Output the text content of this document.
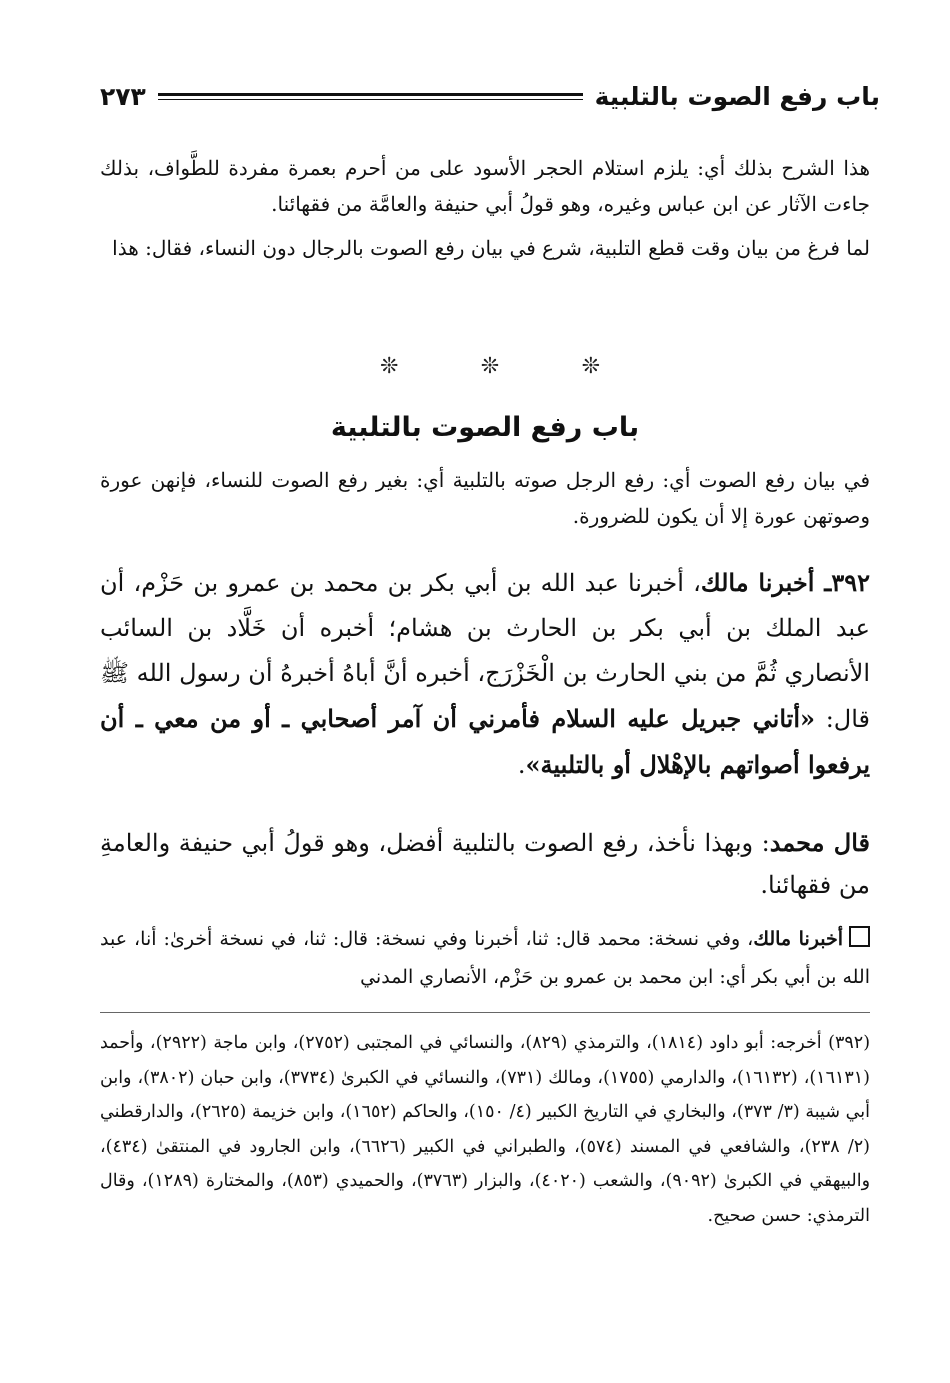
باب رفع الصوت بالتلبية
٢٧٣

هذا الشرح بذلك أي: يلزم استلام الحجر الأسود على من أحرم بعمرة مفردة للطَّواف، بذلك جاءت الآثار عن ابن عباس وغيره، وهو قولُ أبي حنيفة والعامَّة من فقهائنا.

لما فرغ من بيان وقت قطع التلبية، شرع في بيان رفع الصوت بالرجال دون النساء، فقال: هذا

❊	❊	❊
باب رفع الصوت بالتلبية

في بيان رفع الصوت أي: رفع الرجل صوته بالتلبية أي: بغير رفع الصوت للنساء، فإنهن عورة وصوتهن عورة إلا أن يكون للضرورة.

٣٩٢ـ أخبرنا مالك، أخبرنا عبد الله بن أبي بكر بن محمد بن عمرو بن حَزْم، أن عبد الملك بن أبي بكر بن الحارث بن هشام؛ أخبره أن خَلَّاد بن السائب الأنصاري ثُمَّ من بني الحارث بن الْخَزْرَج، أخبره أنَّ أباهُ أخبرهُ أن رسول الله ﷺ قال: «أتاني جبريل عليه السلام فأمرني أن آمر أصحابي ـ أو من معي ـ أن يرفعوا أصواتهم بالإهْلال أو بالتلبية».

قال محمد: وبهذا نأخذ، رفع الصوت بالتلبية أفضل، وهو قولُ أبي حنيفة والعامةِ من فقهائنا.

أخبرنا مالك، وفي نسخة: محمد قال: ثنا، أخبرنا وفي نسخة: قال: ثنا، في نسخة أخرىٰ: أنا، عبد الله بن أبي بكر أي: ابن محمد بن عمرو بن حَزْم، الأنصاري المدني

(٣٩٢) أخرجه: أبو داود (١٨١٤)، والترمذي (٨٢٩)، والنسائي في المجتبى (٢٧٥٢)، وابن ماجة (٢٩٢٢)، وأحمد (١٦١٣١)، (١٦١٣٢)، والدارمي (١٧٥٥)، ومالك (٧٣١)، والنسائي في الكبرىٰ (٣٧٣٤)، وابن حبان (٣٨٠٢)، وابن أبي شيبة (٣/ ٣٧٣)، والبخاري في التاريخ الكبير (٤/ ١٥٠)، والحاكم (١٦٥٢)، وابن خزيمة (٢٦٢٥)، والدارقطني (٢/ ٢٣٨)، والشافعي في المسند (٥٧٤)، والطبراني في الكبير (٦٦٢٦)، وابن الجارود في المنتقىٰ (٤٣٤)، والبيهقي في الكبرىٰ (٩٠٩٢)، والشعب (٤٠٢٠)، والبزار (٣٧٦٣)، والحميدي (٨٥٣)، والمختارة (١٢٨٩)، وقال الترمذي: حسن صحيح.
